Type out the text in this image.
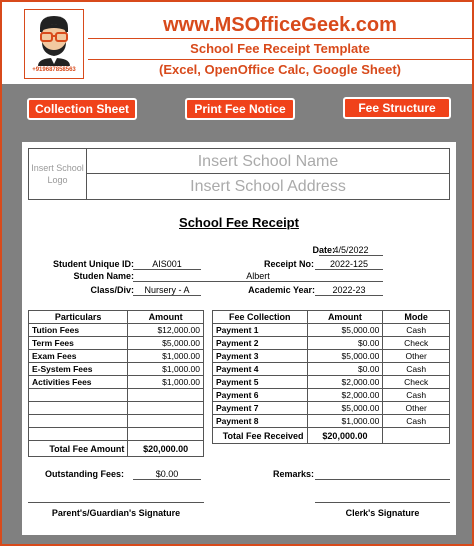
+919687858563
www.MSOfficeGeek.com
School Fee Receipt Template
(Excel, OpenOffice Calc, Google Sheet)
Collection Sheet	Print Fee Notice	Fee Structure
Insert School Logo
Insert School Name
Insert School Address
School Fee Receipt
Date:
4/5/2022
Student Unique ID:	AIS001	Receipt No:	2022-125
Studen Name:	Albert
Class/Div:	Nursery - A	Academic Year:	2022-23
Particulars	Amount
Tution Fees	$12,000.00
Term Fees	$5,000.00
Exam Fees	$1,000.00
E-System Fees	$1,000.00
Activities Fees	$1,000.00

Total Fee Amount	$20,000.00
Fee Collection	Amount	Mode
Payment 1	$5,000.00	Cash
Payment 2	$0.00	Check
Payment 3	$5,000.00	Other
Payment 4	$0.00	Cash
Payment 5	$2,000.00	Check
Payment 6	$2,000.00	Cash
Payment 7	$5,000.00	Other
Payment 8	$1,000.00	Cash
Total Fee Received	$20,000.00	
Outstanding Fees:	$0.00	Remarks:
Parent's/Guardian's Signature	Clerk's Signature
